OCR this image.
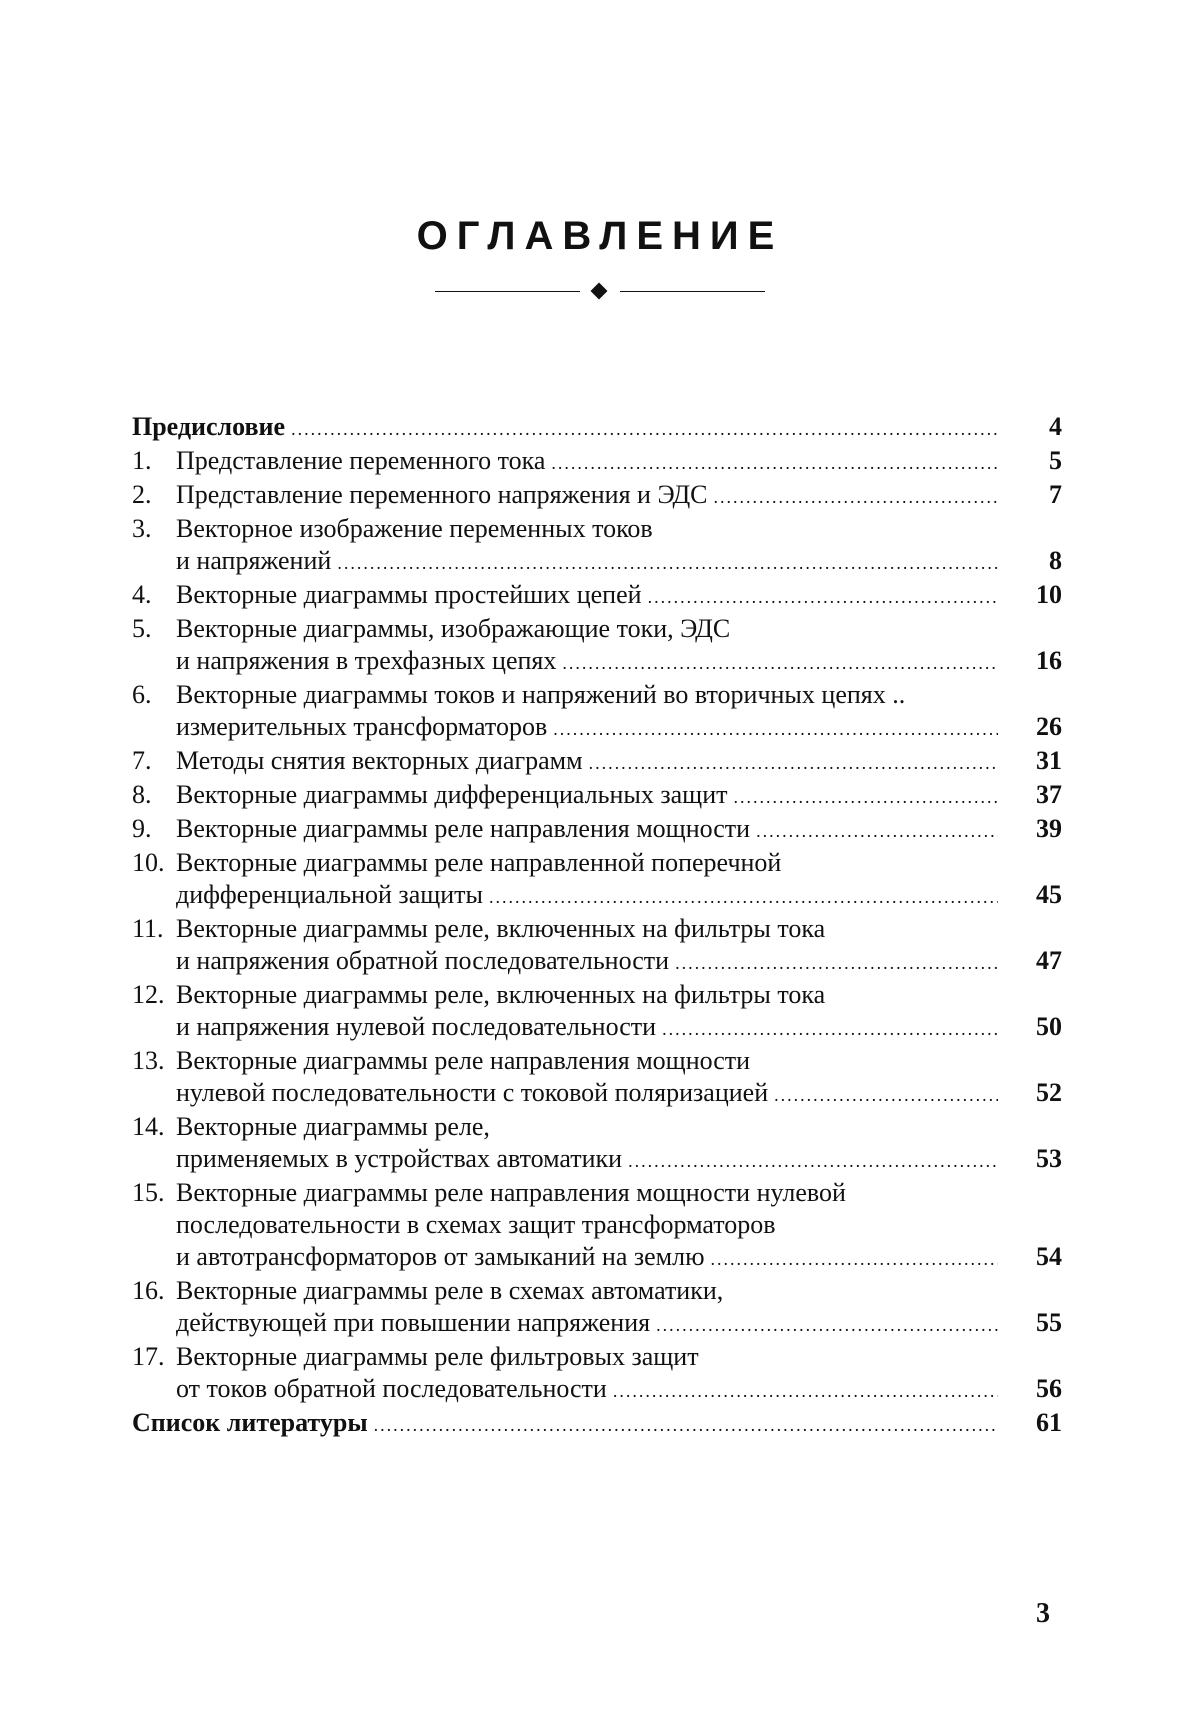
ОГЛАВЛЕНИЕ
Предисловие .....	4
1. Представление переменного тока .....	5
2. Представление переменного напряжения и ЭДС .....	7
3. Векторное изображение переменных токов
и напряжений .....	8
4. Векторные диаграммы простейших цепей .....	10
5. Векторные диаграммы, изображающие токи, ЭДС
и напряжения в трехфазных цепях .....	16
6. Векторные диаграммы токов и напряжений во вторичных цепях ..
измерительных трансформаторов .....	26
7. Методы снятия векторных диаграмм .....	31
8. Векторные диаграммы дифференциальных защит .....	37
9. Векторные диаграммы реле направления мощности .....	39
10. Векторные диаграммы реле направленной поперечной
дифференциальной защиты .....	45
11. Векторные диаграммы реле, включенных на фильтры тока
и напряжения обратной последовательности .....	47
12. Векторные диаграммы реле, включенных на фильтры тока
и напряжения нулевой последовательности .....	50
13. Векторные диаграммы реле направления мощности
нулевой последовательности с токовой поляризацией .....	52
14. Векторные диаграммы реле,
применяемых в устройствах автоматики .....	53
15. Векторные диаграммы реле направления мощности нулевой
последовательности в схемах защит трансформаторов
и автотрансформаторов от замыканий на землю .....	54
16. Векторные диаграммы реле в схемах автоматики,
действующей при повышении напряжения .....	55
17. Векторные диаграммы реле фильтровых защит
от токов обратной последовательности .....	56
Список литературы .....	61
3
